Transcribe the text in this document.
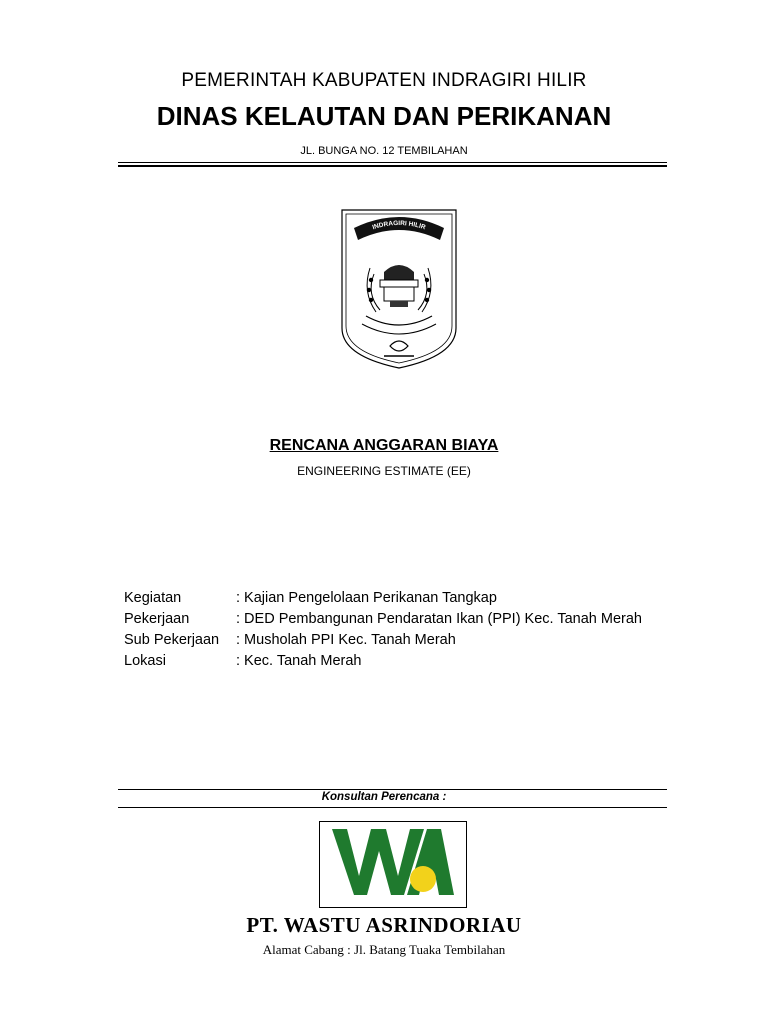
PEMERINTAH KABUPATEN INDRAGIRI HILIR
DINAS KELAUTAN DAN PERIKANAN
JL. BUNGA NO. 12 TEMBILAHAN
INDRAGIRI HILIR
RENCANA ANGGARAN BIAYA
ENGINEERING ESTIMATE (EE)
Kegiatan	: Kajian Pengelolaan Perikanan Tangkap
Pekerjaan	: DED Pembangunan Pendaratan Ikan (PPI) Kec. Tanah Merah
Sub Pekerjaan : Musholah PPI Kec. Tanah Merah
Lokasi	: Kec. Tanah Merah
Konsultan Perencana :
PT. WASTU ASRINDORIAU
Alamat Cabang : Jl. Batang Tuaka Tembilahan
